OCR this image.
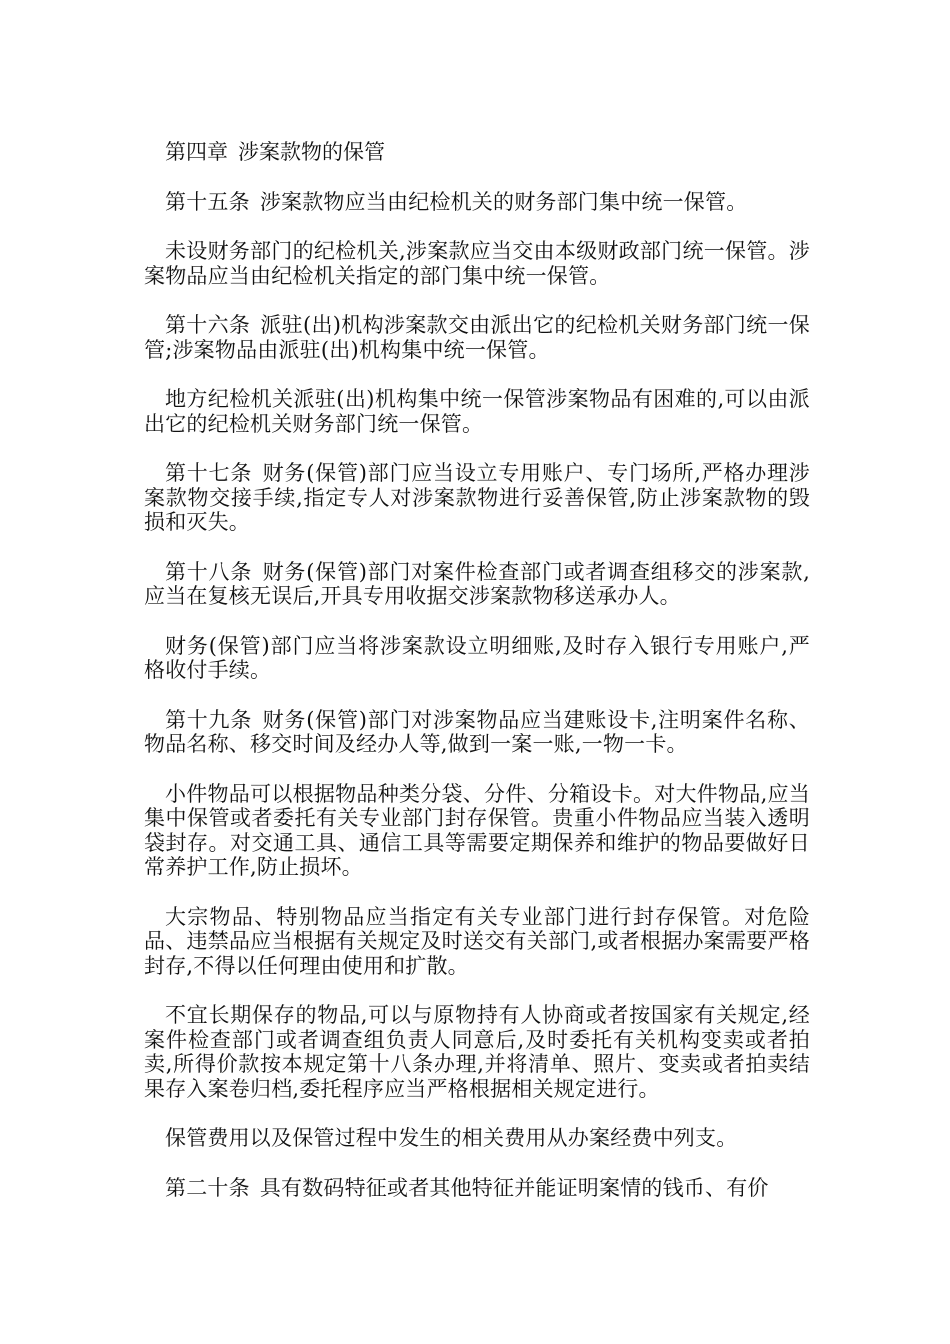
第四章 涉案款物的保管

第十五条 涉案款物应当由纪检机关的财务部门集中统一保管。

未设财务部门的纪检机关,涉案款应当交由本级财政部门统一保管。涉案物品应当由纪检机关指定的部门集中统一保管。

第十六条 派驻(出)机构涉案款交由派出它的纪检机关财务部门统一保管;涉案物品由派驻(出)机构集中统一保管。

地方纪检机关派驻(出)机构集中统一保管涉案物品有困难的,可以由派出它的纪检机关财务部门统一保管。

第十七条 财务(保管)部门应当设立专用账户、专门场所,严格办理涉案款物交接手续,指定专人对涉案款物进行妥善保管,防止涉案款物的毁损和灭失。

第十八条 财务(保管)部门对案件检查部门或者调查组移交的涉案款,应当在复核无误后,开具专用收据交涉案款物移送承办人。

财务(保管)部门应当将涉案款设立明细账,及时存入银行专用账户,严格收付手续。

第十九条 财务(保管)部门对涉案物品应当建账设卡,注明案件名称、物品名称、移交时间及经办人等,做到一案一账,一物一卡。

小件物品可以根据物品种类分袋、分件、分箱设卡。对大件物品,应当集中保管或者委托有关专业部门封存保管。贵重小件物品应当装入透明袋封存。对交通工具、通信工具等需要定期保养和维护的物品要做好日常养护工作,防止损坏。

大宗物品、特别物品应当指定有关专业部门进行封存保管。对危险品、违禁品应当根据有关规定及时送交有关部门,或者根据办案需要严格封存,不得以任何理由使用和扩散。

不宜长期保存的物品,可以与原物持有人协商或者按国家有关规定,经案件检查部门或者调查组负责人同意后,及时委托有关机构变卖或者拍卖,所得价款按本规定第十八条办理,并将清单、照片、变卖或者拍卖结果存入案卷归档,委托程序应当严格根据相关规定进行。

保管费用以及保管过程中发生的相关费用从办案经费中列支。

第二十条 具有数码特征或者其他特征并能证明案情的钱币、有价
